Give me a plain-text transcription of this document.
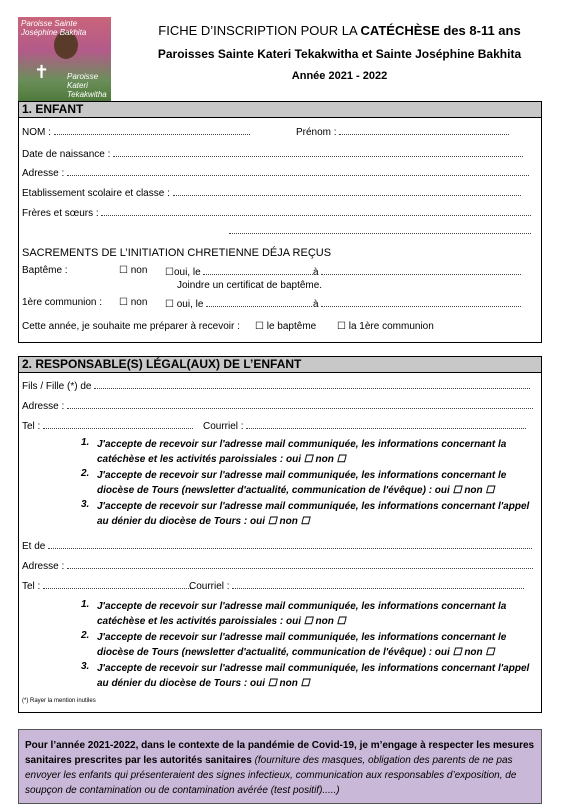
✝
Paroisse Sainte Joséphine Bakhita
Paroisse Kateri Tekakwitha
FICHE D’INSCRIPTION POUR LA CATÉCHÈSE des 8-11 ans
Paroisses Sainte Kateri Tekakwitha et Sainte Joséphine Bakhita
Année 2021 - 2022
1. ENFANT
NOM :	Prénom :
Date de naissance :
Adresse :
Etablissement scolaire et classe :
Frères et sœurs :
SACREMENTS DE L’INITIATION CHRETIENNE DÉJA REÇUS
Baptême :	☐ non ☐oui, le	à
Joindre un certificat de baptême.
1ère communion : ☐ non ☐ oui, le	à
Cette année, je souhaite me préparer à recevoir : ☐ le baptême ☐ la 1ère communion
2. RESPONSABLE(S) LÉGAL(AUX) DE L’ENFANT
Fils / Fille (*) de
Adresse :
Tel :	Courriel :
1. J'accepte de recevoir sur l'adresse mail communiquée, les informations concernant la
catéchèse et les activités paroissiales : oui ☐ non ☐
2. J'accepte de recevoir sur l'adresse mail communiquée, les informations concernant le
diocèse de Tours (newsletter d'actualité, communication de l'évêque) : oui ☐ non ☐
3. J'accepte de recevoir sur l'adresse mail communiquée, les informations concernant l'appel
au dénier du diocèse de Tours : oui ☐ non ☐
Et de
Adresse :
Tel :	Courriel :
1. J'accepte de recevoir sur l'adresse mail communiquée, les informations concernant la
catéchèse et les activités paroissiales : oui ☐ non ☐
2. J'accepte de recevoir sur l'adresse mail communiquée, les informations concernant le
diocèse de Tours (newsletter d'actualité, communication de l'évêque) : oui ☐ non ☐
3. J'accepte de recevoir sur l'adresse mail communiquée, les informations concernant l'appel
au dénier du diocèse de Tours : oui ☐ non ☐
(*) Rayer la mention inutiles
Pour l’année 2021-2022, dans le contexte de la pandémie de Covid-19, je m’engage à respecter les mesures sanitaires prescrites par les autorités sanitaires (fourniture des masques, obligation des parents de ne pas envoyer les enfants qui présenteraient des signes infectieux, communication aux responsables d’exposition, de soupçon de contamination ou de contamination avérée (test positif).....)
